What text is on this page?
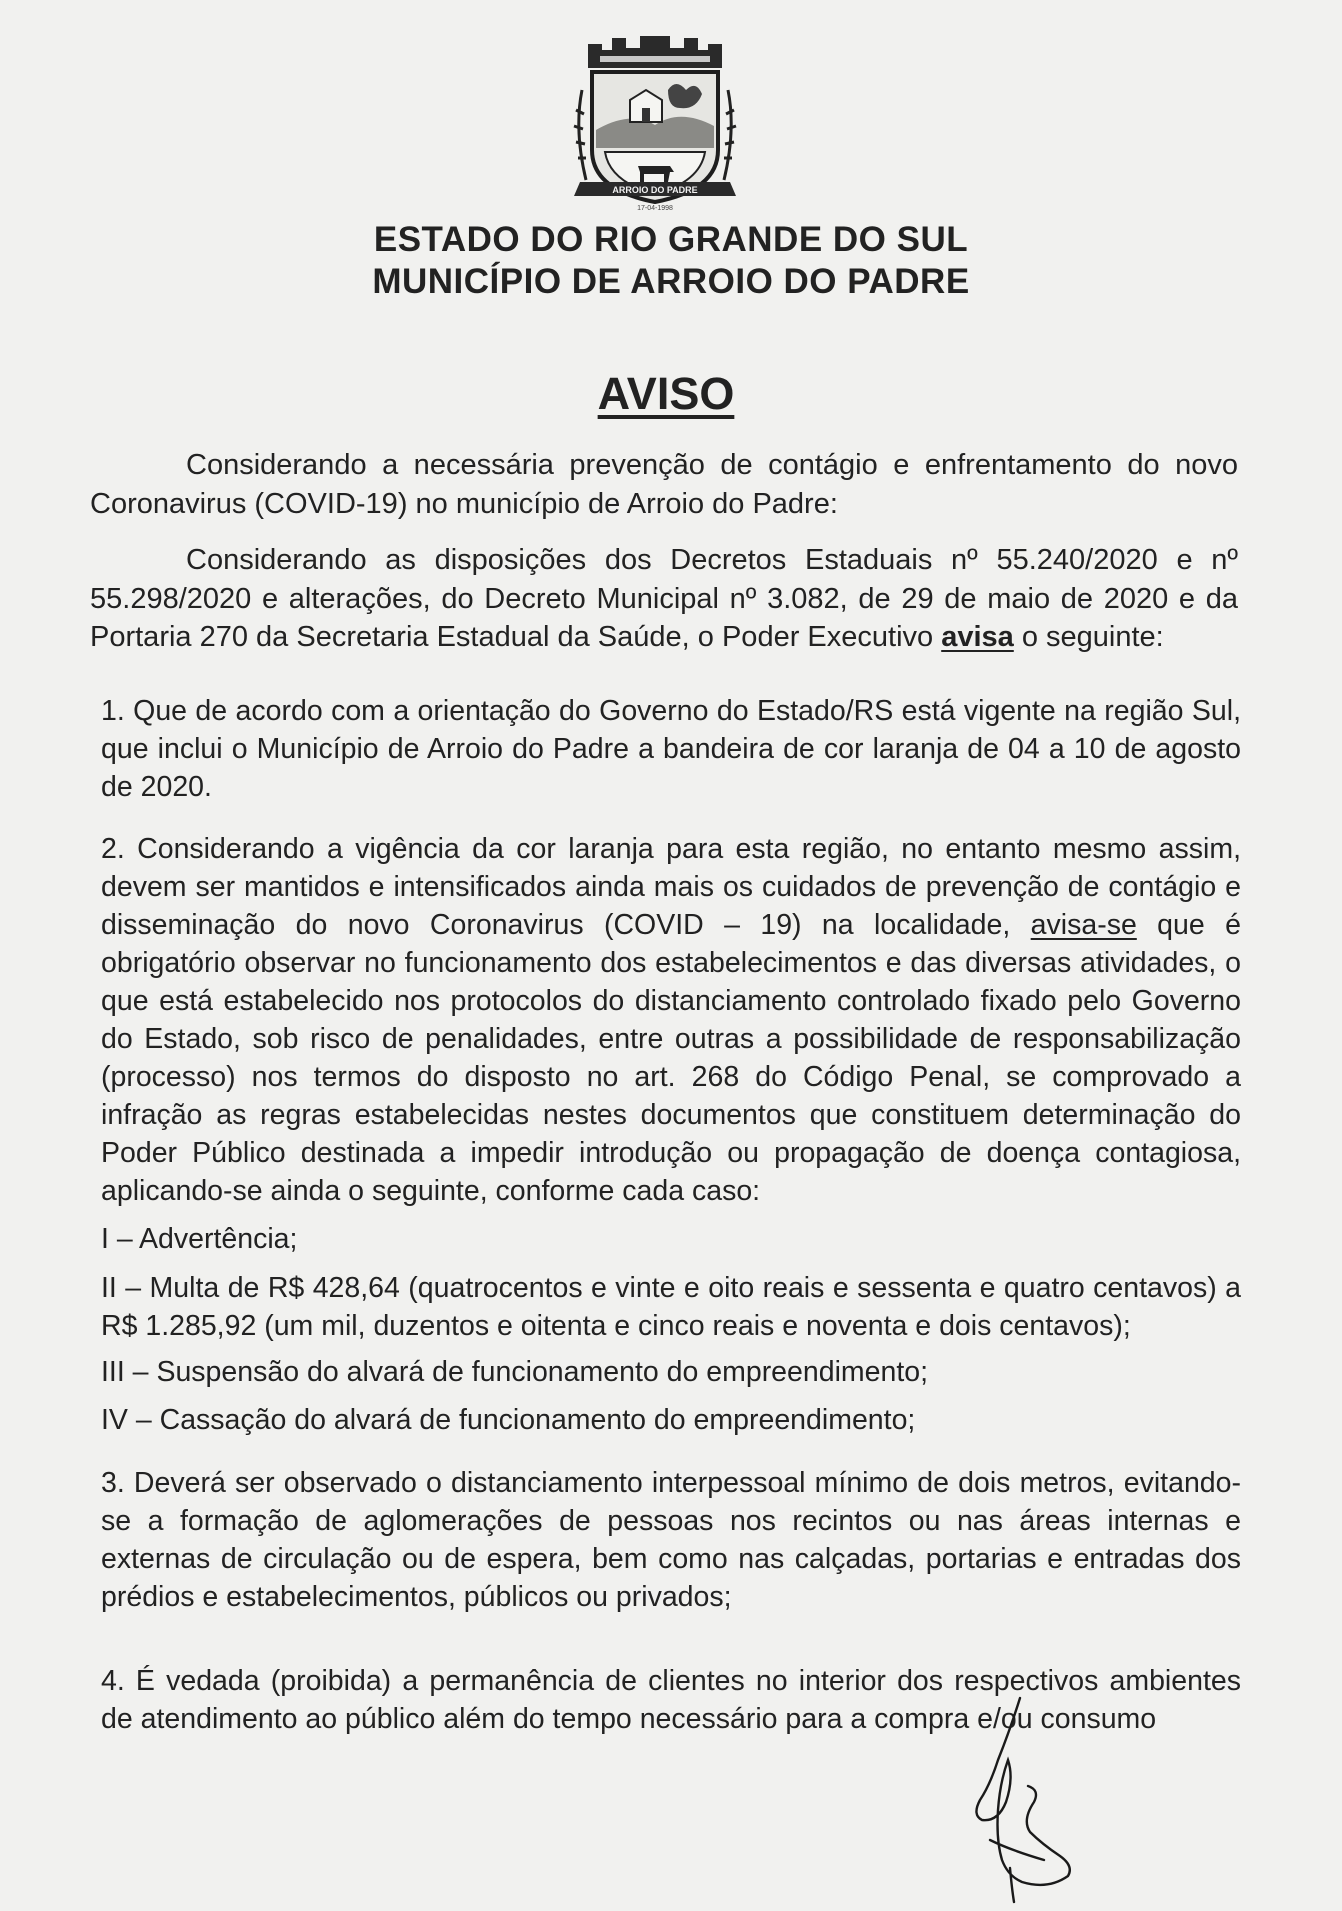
ARROIO DO PADRE
17-04-1998
ESTADO DO RIO GRANDE DO SUL
MUNICÍPIO DE ARROIO DO PADRE
AVISO
Considerando a necessária prevenção de contágio e enfrentamento do novo Coronavirus (COVID-19) no município de Arroio do Padre:
Considerando as disposições dos Decretos Estaduais nº 55.240/2020 e nº 55.298/2020 e alterações, do Decreto Municipal nº 3.082, de 29 de maio de 2020 e da Portaria 270 da Secretaria Estadual da Saúde, o Poder Executivo avisa o seguinte:
1. Que de acordo com a orientação do Governo do Estado/RS está vigente na região Sul, que inclui o Município de Arroio do Padre a bandeira de cor laranja de 04 a 10 de agosto de 2020.
2. Considerando a vigência da cor laranja para esta região, no entanto mesmo assim, devem ser mantidos e intensificados ainda mais os cuidados de prevenção de contágio e disseminação do novo Coronavirus (COVID – 19) na localidade, avisa-se que é obrigatório observar no funcionamento dos estabelecimentos e das diversas atividades, o que está estabelecido nos protocolos do distanciamento controlado fixado pelo Governo do Estado, sob risco de penalidades, entre outras a possibilidade de responsabilização (processo) nos termos do disposto no art. 268 do Código Penal, se comprovado a infração as regras estabelecidas nestes documentos que constituem determinação do Poder Público destinada a impedir introdução ou propagação de doença contagiosa, aplicando-se ainda o seguinte, conforme cada caso:
I – Advertência;
II – Multa de R$ 428,64 (quatrocentos e vinte e oito reais e sessenta e quatro centavos) a R$ 1.285,92 (um mil, duzentos e oitenta e cinco reais e noventa e dois centavos);
III – Suspensão do alvará de funcionamento do empreendimento;
IV – Cassação do alvará de funcionamento do empreendimento;
3. Deverá ser observado o distanciamento interpessoal mínimo de dois metros, evitando-se a formação de aglomerações de pessoas nos recintos ou nas áreas internas e externas de circulação ou de espera, bem como nas calçadas, portarias e entradas dos prédios e estabelecimentos, públicos ou privados;
4. É vedada (proibida) a permanência de clientes no interior dos respectivos ambientes de atendimento ao público além do tempo necessário para a compra e/ou consumo
